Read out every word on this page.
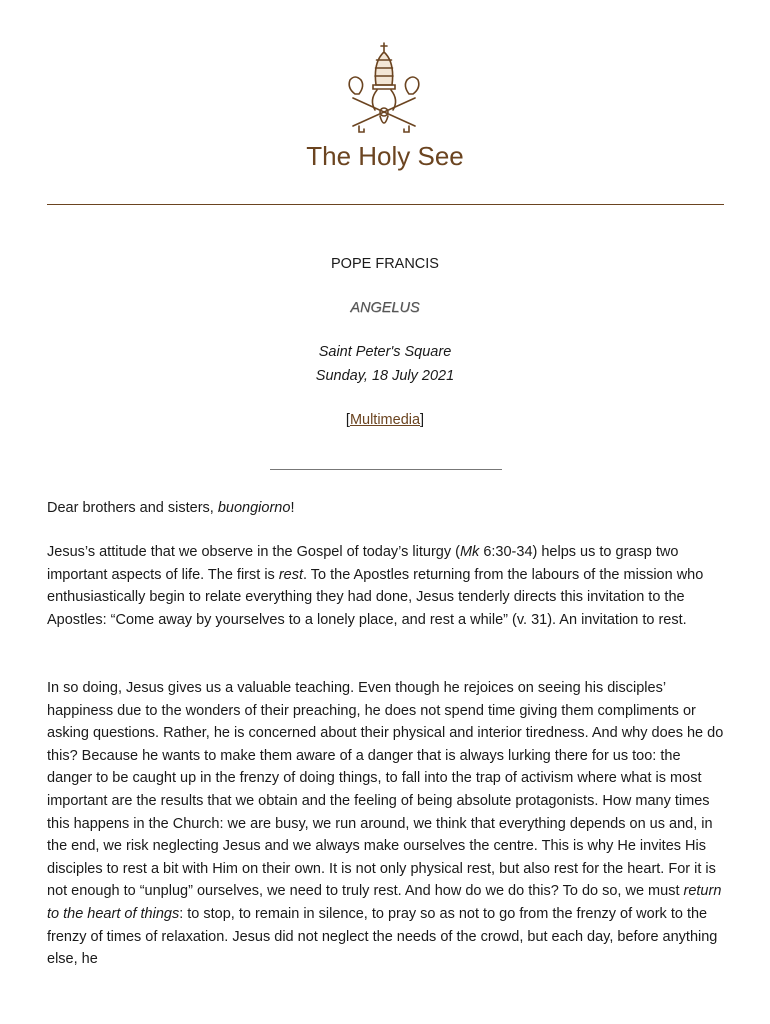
The Holy See
POPE FRANCIS
ANGELUS
Saint Peter's Square
Sunday, 18 July 2021
[Multimedia]

Dear brothers and sisters, buongiorno!

Jesus’s attitude that we observe in the Gospel of today’s liturgy (Mk 6:30-34) helps us to grasp two important aspects of life. The first is rest. To the Apostles returning from the labours of the mission who enthusiastically begin to relate everything they had done, Jesus tenderly directs this invitation to the Apostles: “Come away by yourselves to a lonely place, and rest a while” (v. 31). An invitation to rest.

In so doing, Jesus gives us a valuable teaching. Even though he rejoices on seeing his disciples’ happiness due to the wonders of their preaching, he does not spend time giving them compliments or asking questions. Rather, he is concerned about their physical and interior tiredness. And why does he do this? Because he wants to make them aware of a danger that is always lurking there for us too: the danger to be caught up in the frenzy of doing things, to fall into the trap of activism where what is most important are the results that we obtain and the feeling of being absolute protagonists. How many times this happens in the Church: we are busy, we run around, we think that everything depends on us and, in the end, we risk neglecting Jesus and we always make ourselves the centre. This is why He invites His disciples to rest a bit with Him on their own. It is not only physical rest, but also rest for the heart. For it is not enough to “unplug” ourselves, we need to truly rest. And how do we do this? To do so, we must return to the heart of things: to stop, to remain in silence, to pray so as not to go from the frenzy of work to the frenzy of times of relaxation. Jesus did not neglect the needs of the crowd, but each day, before anything else, he
